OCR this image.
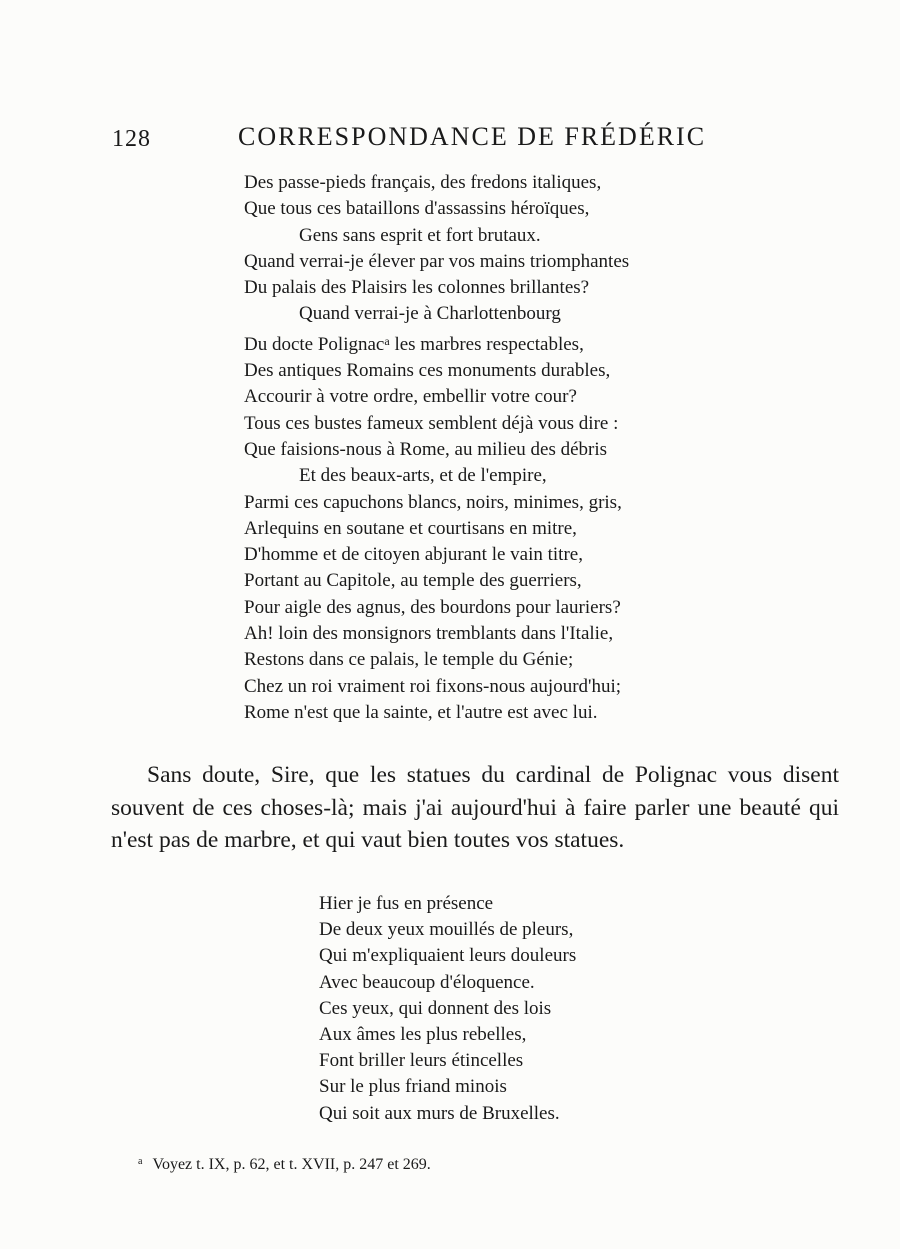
128	CORRESPONDANCE DE FRÉDÉRIC
Des passe-pieds français, des fredons italiques,
Que tous ces bataillons d'assassins héroïques,
Gens sans esprit et fort brutaux.
Quand verrai-je élever par vos mains triomphantes
Du palais des Plaisirs les colonnes brillantes?
Quand verrai-je à Charlottenbourg
Du docte Polignac$^a$ les marbres respectables,
Des antiques Romains ces monuments durables,
Accourir à votre ordre, embellir votre cour?
Tous ces bustes fameux semblent déjà vous dire :
Que faisions-nous à Rome, au milieu des débris
Et des beaux-arts, et de l'empire,
Parmi ces capuchons blancs, noirs, minimes, gris,
Arlequins en soutane et courtisans en mitre,
D'homme et de citoyen abjurant le vain titre,
Portant au Capitole, au temple des guerriers,
Pour aigle des agnus, des bourdons pour lauriers?
Ah! loin des monsignors tremblants dans l'Italie,
Restons dans ce palais, le temple du Génie;
Chez un roi vraiment roi fixons-nous aujourd'hui;
Rome n'est que la sainte, et l'autre est avec lui.

Sans doute, Sire, que les statues du cardinal de Polignac vous disent souvent de ces choses-là; mais j'ai aujourd'hui à faire parler une beauté qui n'est pas de marbre, et qui vaut bien toutes vos statues.

Hier je fus en présence
De deux yeux mouillés de pleurs,
Qui m'expliquaient leurs douleurs
Avec beaucoup d'éloquence.
Ces yeux, qui donnent des lois
Aux âmes les plus rebelles,
Font briller leurs étincelles
Sur le plus friand minois
Qui soit aux murs de Bruxelles.
$^a$ Voyez t. IX, p. 62, et t. XVII, p. 247 et 269.
